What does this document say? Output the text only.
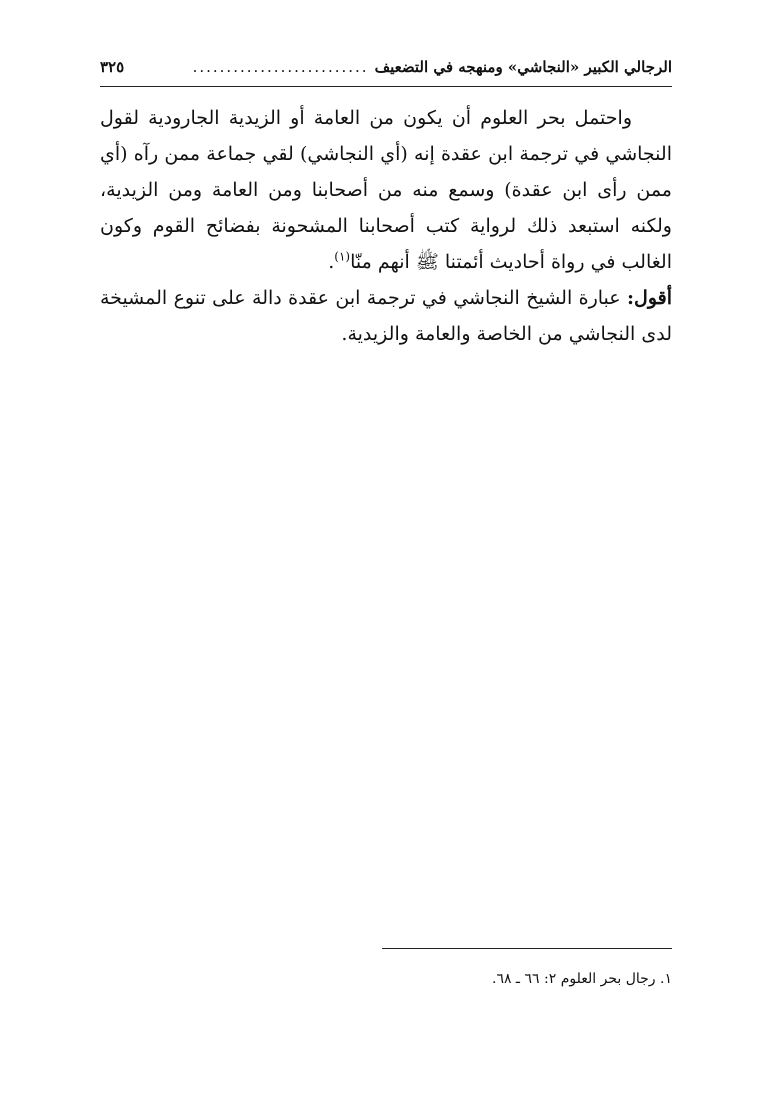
الرجالي الكبير «النجاشي» ومنهجه في التضعيف
..........................
٣٢٥

واحتمل بحر العلوم أن يكون من العامة أو الزيدية الجارودية لقول النجاشي في ترجمة ابن عقدة إنه (أي النجاشي) لقي جماعة ممن رآه (أي ممن رأى ابن عقدة) وسمع منه من أصحابنا ومن العامة ومن الزيدية، ولكنه استبعد ذلك لرواية كتب أصحابنا المشحونة بفضائح القوم وكون الغالب في رواة أحاديث أئمتنا ﷺ أنهم منّا$^{(١)}$.

أقول: عبارة الشيخ النجاشي في ترجمة ابن عقدة دالة على تنوع المشيخة لدى النجاشي من الخاصة والعامة والزيدية.

١. رجال بحر العلوم ٢: ٦٦ ـ ٦٨.
